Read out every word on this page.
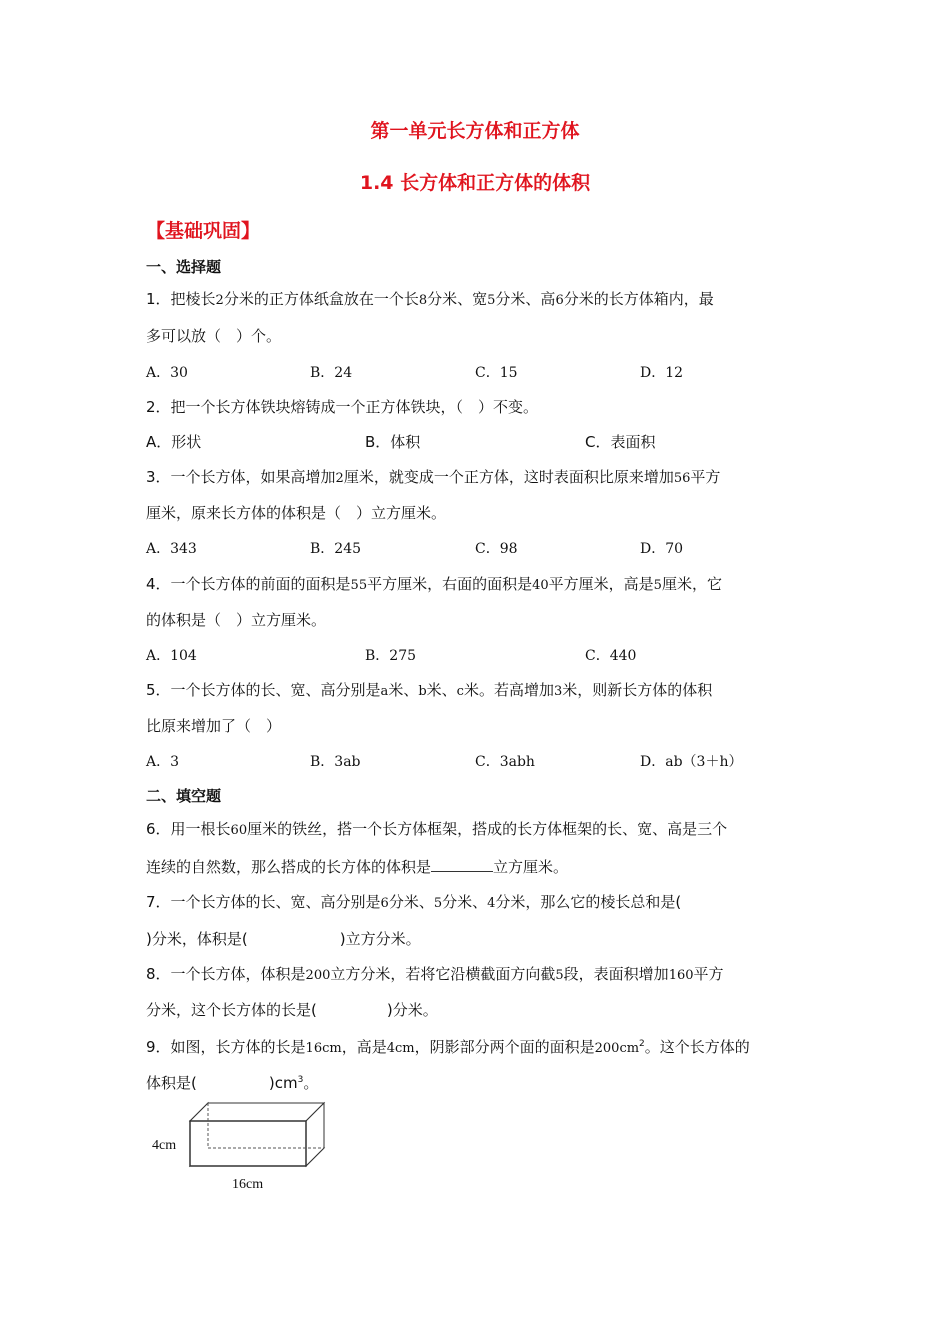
第一单元长方体和正方体
1.4 长方体和正方体的体积
【基础巩固】
一、选择题
1．把棱长2分米的正方体纸盒放在一个长8分米、宽5分米、高6分米的长方体箱内，最
多可以放（　）个。
A．30	B．24	C．15	D．12
2．把一个长方体铁块熔铸成一个正方体铁块，（　）不变。
A．形状	B．体积	C．表面积
3．一个长方体，如果高增加2厘米，就变成一个正方体，这时表面积比原来增加56平方
厘米，原来长方体的体积是（　）立方厘米。
A．343	B．245	C．98	D．70
4．一个长方体的前面的面积是55平方厘米，右面的面积是40平方厘米，高是5厘米，它
的体积是（　）立方厘米。
A．104	B．275	C．440
5．一个长方体的长、宽、高分别是a米、b米、c米。若高增加3米，则新长方体的体积
比原来增加了（　）
A．3	B．3ab	C．3abh	D．ab（3＋h）
二、填空题
6．用一根长60厘米的铁丝，搭一个长方体框架，搭成的长方体框架的长、宽、高是三个
连续的自然数，那么搭成的长方体的体积是	立方厘米。
7．一个长方体的长、宽、高分别是6分米、5分米、4分米，那么它的棱长总和是(
)分米，体积是(	)立方分米。
8．一个长方体，体积是200立方分米，若将它沿横截面方向截5段，表面积增加160平方
分米，这个长方体的长是(	)分米。
9．如图，长方体的长是16cm，高是4cm，阴影部分两个面的面积是$200cm^2$。这个长方体的
体积是(	)$cm^3$。
4cm
16cm
